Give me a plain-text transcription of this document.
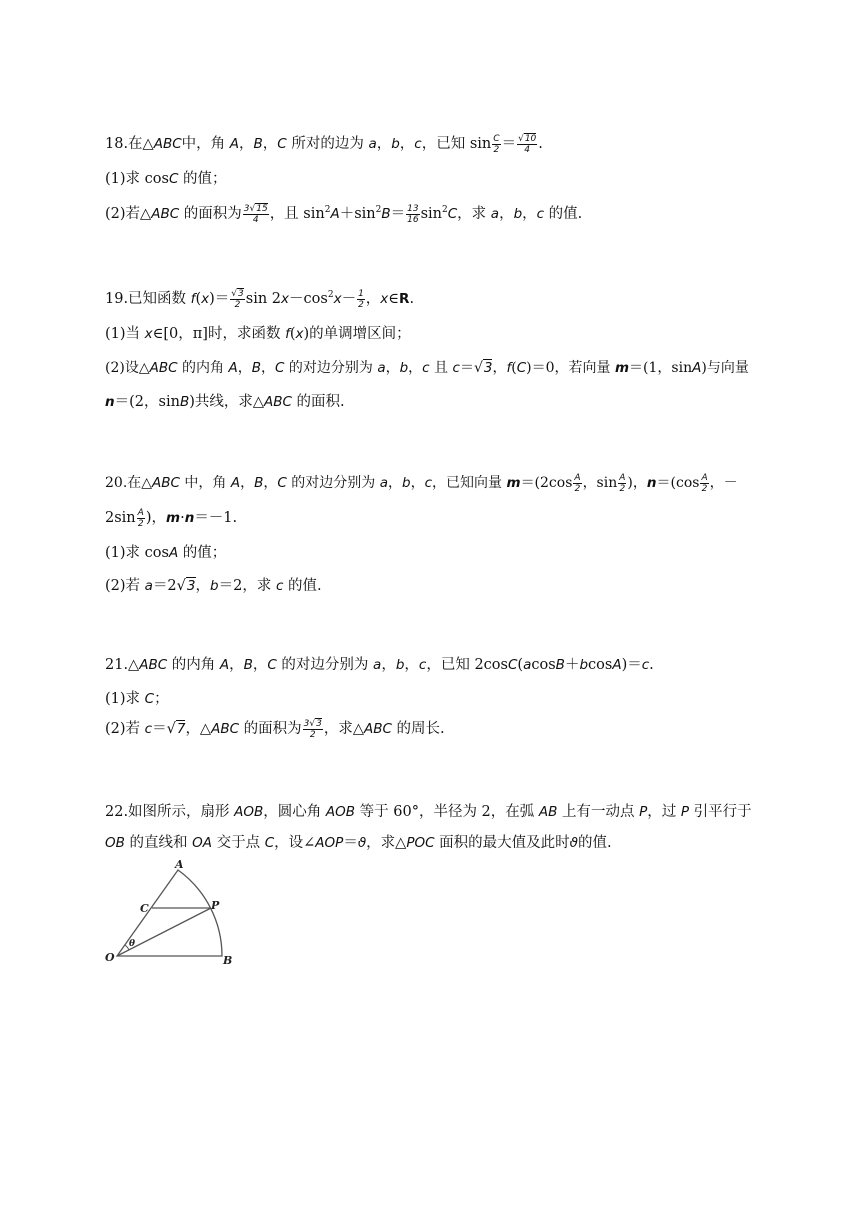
18.在△ABC中，角 A，B，C 所对的边为 a，b，c，已知 $\sin \frac{C}{2} = \frac{√10}{4}$ .
(1)求 cosC 的值；
(2)若△ABC 的面积为 $\frac{3√15}{4}$ ，且 $\sin^2A+\sin^2B= \frac{13}{16} \sin^2C$，求 a，b，c 的值.
19.已知函数 $f(x)= \frac{√3}{2}$ $\sin 2x-\cos^2x- \frac{1}{2}$ ，x∈R.
(1)当 x∈[0，π]时，求函数 f(x)的单调增区间；
(2)设△ABC 的内角 A，B，C 的对边分别为 a，b，c 且 c＝√3，f(C)＝0，若向量 m＝(1，sinA)与向量
n＝(2，sinB)共线，求△ABC 的面积.
20.在△ABC 中，角 A，B，C 的对边分别为 a，b，c，已知向量 $m=(2\cos \frac{A}{2}$ ，$\sin \frac{A}{2}$ )，$n=(\cos \frac{A}{2}$ ，－
$2\sin \frac{A}{2}$ )，m·n＝－1.
(1)求 cosA 的值；
(2)若 a＝2√3，b＝2，求 c 的值.
21.△ABC 的内角 A，B，C 的对边分别为 a，b，c，已知 2cosC(acosB＋bcosA)＝c.
(1)求 C；
(2)若 c＝√7，△ABC 的面积为 $\frac{3√3}{2}$ ，求△ABC 的周长.
22.如图所示，扇形 AOB，圆心角 AOB 等于 60°，半径为 2，在弧 AB 上有一动点 P，过 P 引平行于
OB 的直线和 OA 交于点 C，设∠AOP＝ϑ，求△POC 面积的最大值及此时ϑ的值.
A
C	P
θ
O	B
